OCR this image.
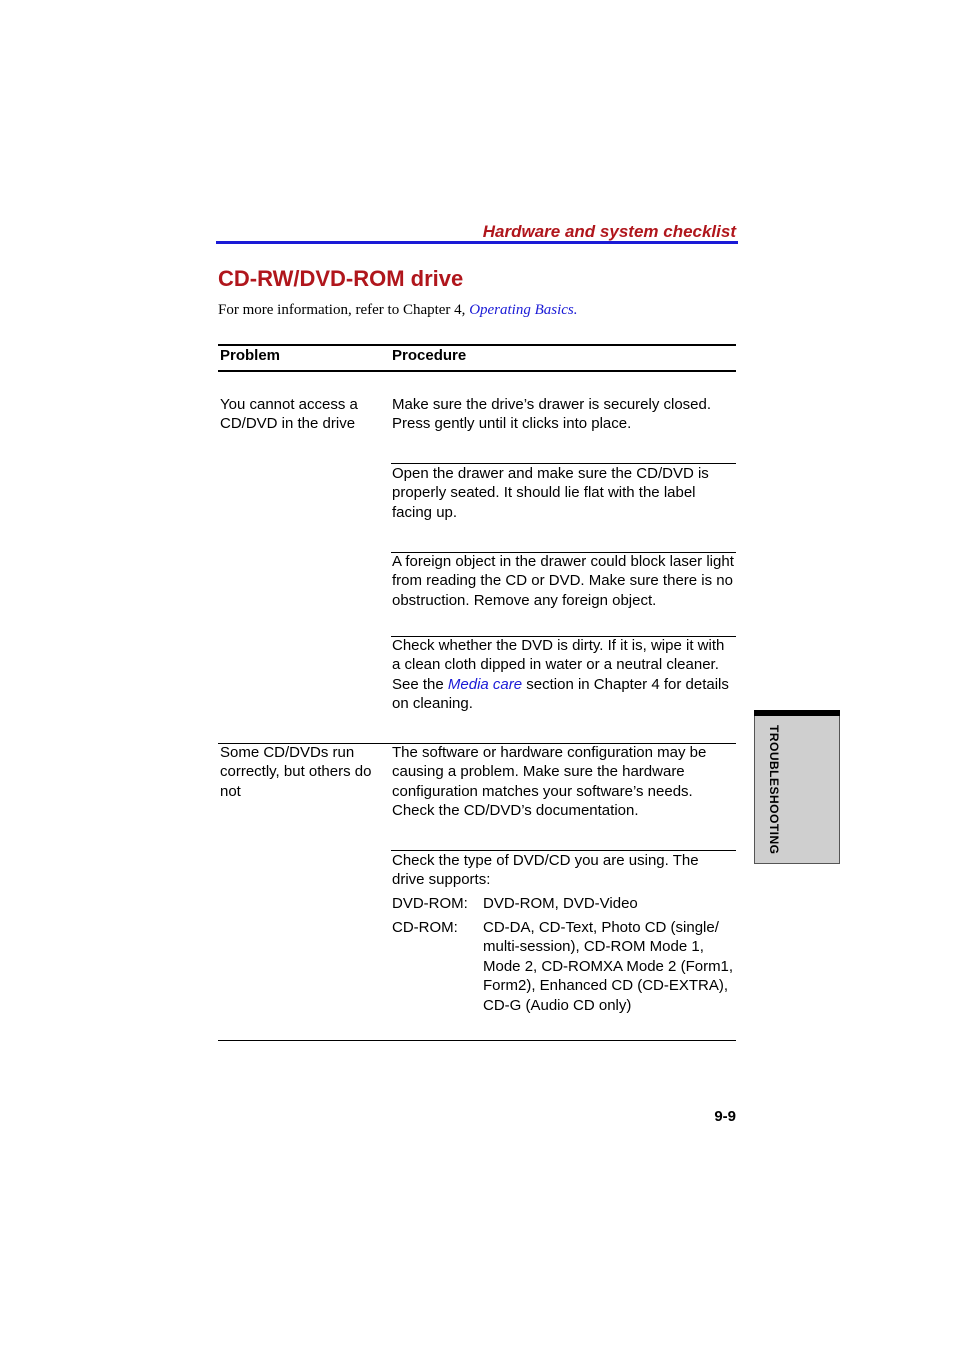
Hardware and system checklist
CD-RW/DVD-ROM drive
For more information, refer to Chapter 4, Operating Basics.
Problem	Procedure
You cannot access a CD/DVD in the drive
Make sure the drive’s drawer is securely closed. Press gently until it clicks into place.
Open the drawer and make sure the CD/DVD is properly seated. It should lie flat with the label facing up.
A foreign object in the drawer could block laser light from reading the CD or DVD. Make sure there is no obstruction. Remove any foreign object.
Check whether the DVD is dirty. If it is, wipe it with a clean cloth dipped in water or a neutral cleaner. See the Media care section in Chapter 4 for details on cleaning.
Some CD/DVDs run correctly, but others do not
The software or hardware configuration may be causing a problem. Make sure the hardware configuration matches your software’s needs. Check the CD/DVD’s documentation.
Check the type of DVD/CD you are using. The drive supports:
DVD-ROM: DVD-ROM, DVD-Video
CD-ROM: CD-DA, CD-Text, Photo CD (single/ multi-session), CD-ROM Mode 1, Mode 2, CD-ROMXA Mode 2 (Form1, Form2), Enhanced CD (CD-EXTRA), CD-G (Audio CD only)
TROUBLESHOOTING
9-9
